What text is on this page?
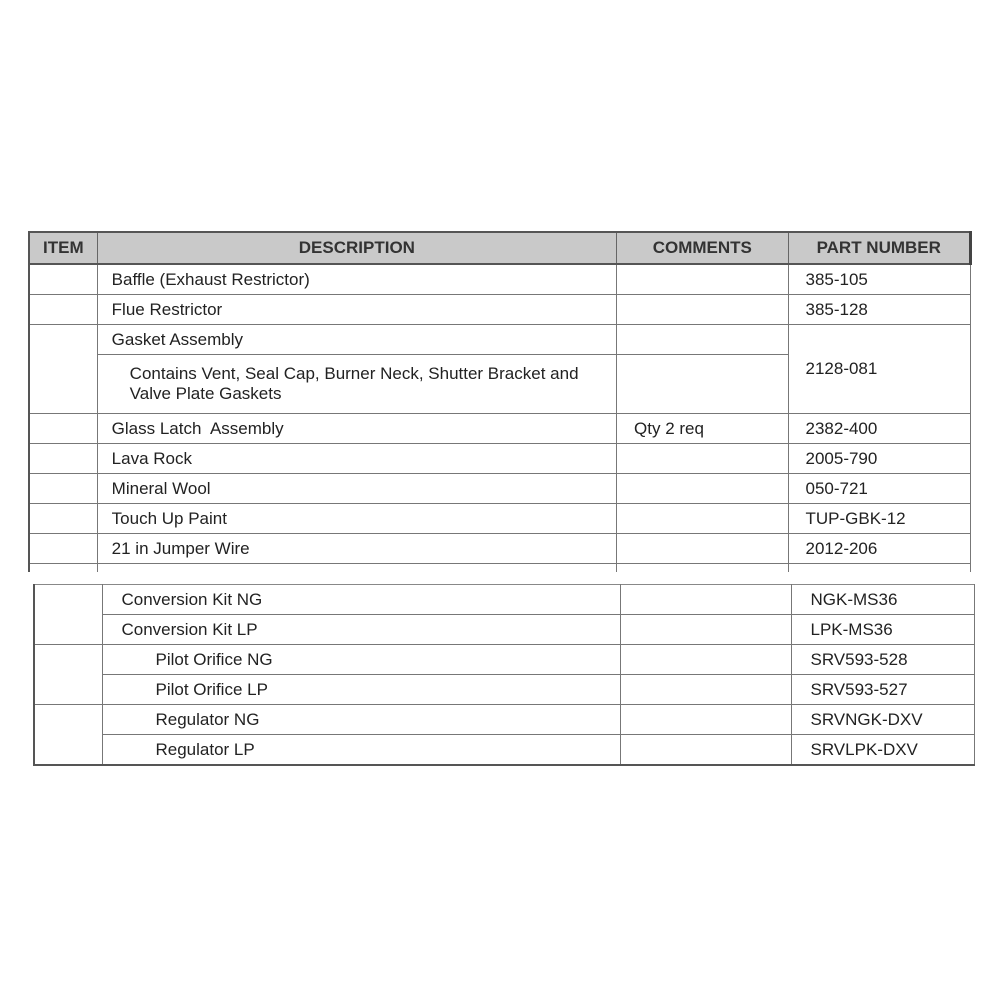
ITEM	DESCRIPTION	COMMENTS	PART NUMBER
	Baffle (Exhaust Restrictor)		385-105
	Flue Restrictor		385-128
	Gasket Assembly		2128-081
	Contains Vent, Seal Cap, Burner Neck, Shutter Bracket and Valve Plate Gaskets		
	Glass Latch  Assembly	Qty 2 req	2382-400
	Lava Rock		2005-790
	Mineral Wool		050-721
	Touch Up Paint		TUP-GBK-12
	21 in Jumper Wire		2012-206

	Conversion Kit NG		NGK-MS36
	Conversion Kit LP		LPK-MS36
	Pilot Orifice NG		SRV593-528
	Pilot Orifice LP		SRV593-527
	Regulator NG		SRVNGK-DXV
	Regulator LP		SRVLPK-DXV
